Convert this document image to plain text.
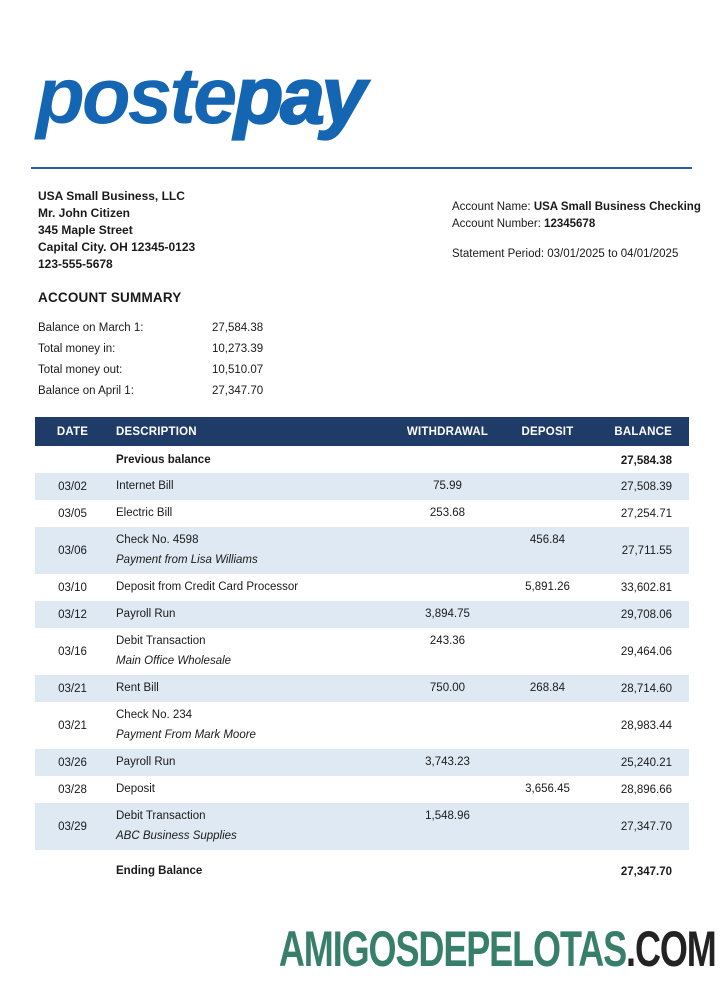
postepay
USA Small Business, LLC
Mr. John Citizen
345 Maple Street
Capital City. OH 12345-0123
123-555-5678
Account Name: USA Small Business Checking
Account Number: 12345678
Statement Period: 03/01/2025 to 04/01/2025
ACCOUNT SUMMARY
Balance on March 1:	27,584.38
Total money in:	10,273.39
Total money out:	10,510.07
Balance on April 1:	27,347.70
DATE	DESCRIPTION	WITHDRAWAL	DEPOSIT	BALANCE
	Previous balance			27,584.38
03/02	Internet Bill	75.99		27,508.39
03/05	Electric Bill	253.68		27,254.71
03/06	Check No. 4598
Payment from Lisa Williams		456.84	27,711.55
03/10	Deposit from Credit Card Processor		5,891.26	33,602.81
03/12	Payroll Run	3,894.75		29,708.06
03/16	Debit Transaction
Main Office Wholesale	243.36		29,464.06
03/21	Rent Bill	750.00	268.84	28,714.60
03/21	Check No. 234
Payment From Mark Moore			28,983.44
03/26	Payroll Run	3,743.23		25,240.21
03/28	Deposit		3,656.45	28,896.66
03/29	Debit Transaction
ABC Business Supplies	1,548.96		27,347.70
	Ending Balance			27,347.70
AMIGOSDEPELOTAS.COM
